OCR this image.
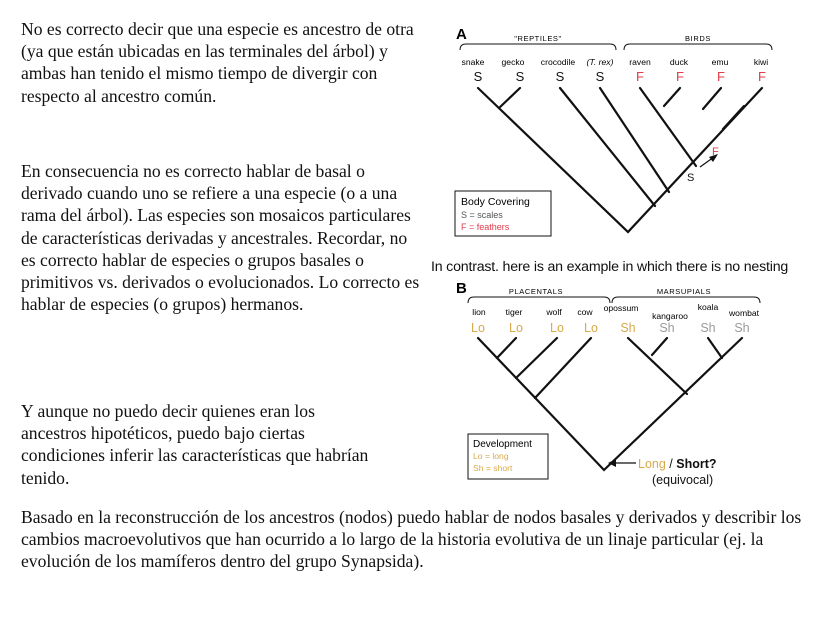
No es correcto decir que una especie es ancestro de otra (ya que están ubicadas en las terminales del árbol) y ambas han tenido el mismo tiempo de divergir con respecto al ancestro común.

En consecuencia no es correcto hablar de basal o derivado cuando uno se refiere a una especie (o a una rama del árbol). Las especies son mosaicos particulares de características derivadas y ancestrales. Recordar, no es correcto hablar de especies o grupos basales o primitivos vs. derivados o evolucionados. Lo correcto es hablar de especies (o grupos) hermanos.

Y aunque no puedo decir quienes eran los ancestros hipotéticos, puedo bajo ciertas condiciones inferir las características que habrían tenido.

Basado en la reconstrucción de los ancestros (nodos) puedo hablar de nodos basales y derivados y describir los cambios macroevolutivos que han ocurrido a lo largo de la historia evolutiva de un linaje particular (ej. la evolución de los mamíferos dentro del grupo Synapsida).

A	"REPTILES"	BIRDS
snake gecko crocodile (T. rex) raven duck	emu	kiwi
S	S S S F F	F	F
S
F
Body Covering
S = scales
F = feathers

In contrast. here is an example in which there is no nesting

B	PLACENTALS	MARSUPIALS
lion tiger	wolf cow opossum
kangaroo
koala
wombat
Lo Lo Lo Lo Sh Sh Sh Sh
Long / Short?
(equivocal)
Development
Lo = long
Sh = short
